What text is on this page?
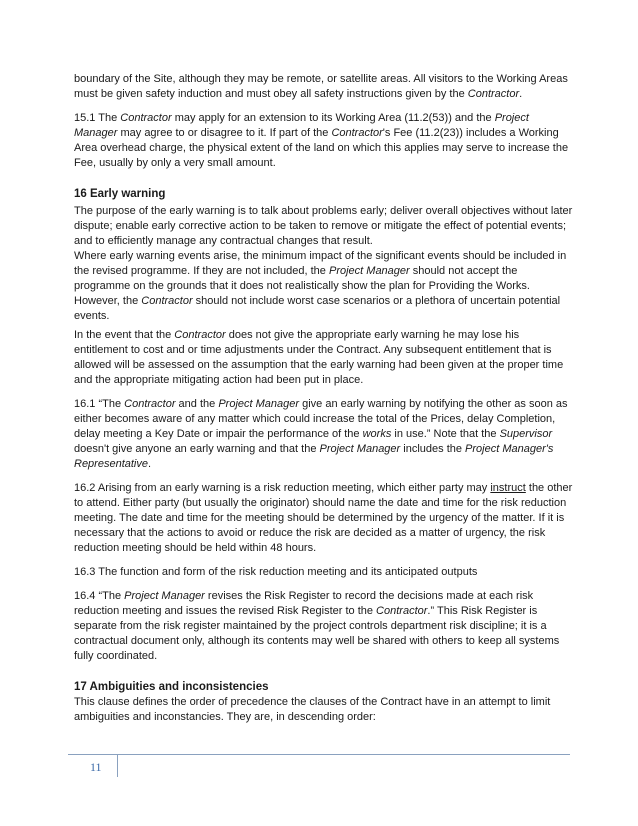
boundary of the Site, although they may be remote, or satellite areas. All visitors to the Working Areas must be given safety induction and must obey all safety instructions given by the Contractor.

15.1 The Contractor may apply for an extension to its Working Area (11.2(53)) and the Project Manager may agree to or disagree to it. If part of the Contractor's Fee (11.2(23)) includes a Working Area overhead charge, the physical extent of the land on which this applies may serve to increase the Fee, usually by only a very small amount.

16 Early warning

The purpose of the early warning is to talk about problems early; deliver overall objectives without later dispute; enable early corrective action to be taken to remove or mitigate the effect of potential events; and to efficiently manage any contractual changes that result.

Where early warning events arise, the minimum impact of the significant events should be included in the revised programme. If they are not included, the Project Manager should not accept the programme on the grounds that it does not realistically show the plan for Providing the Works. However, the Contractor should not include worst case scenarios or a plethora of uncertain potential events.

In the event that the Contractor does not give the appropriate early warning he may lose his entitlement to cost and or time adjustments under the Contract. Any subsequent entitlement that is allowed will be assessed on the assumption that the early warning had been given at the proper time and the appropriate mitigating action had been put in place.

16.1 “The Contractor and the Project Manager give an early warning by notifying the other as soon as either becomes aware of any matter which could increase the total of the Prices, delay Completion, delay meeting a Key Date or impair the performance of the works in use.” Note that the Supervisor doesn't give anyone an early warning and that the Project Manager includes the Project Manager's Representative.

16.2 Arising from an early warning is a risk reduction meeting, which either party may instruct the other to attend. Either party (but usually the originator) should name the date and time for the risk reduction meeting. The date and time for the meeting should be determined by the urgency of the matter. If it is necessary that the actions to avoid or reduce the risk are decided as a matter of urgency, the risk reduction meeting should be held within 48 hours.

16.3 The function and form of the risk reduction meeting and its anticipated outputs

16.4 “The Project Manager revises the Risk Register to record the decisions made at each risk reduction meeting and issues the revised Risk Register to the Contractor.” This Risk Register is separate from the risk register maintained by the project controls department risk discipline; it is a contractual document only, although its contents may well be shared with others to keep all systems fully coordinated.

17 Ambiguities and inconsistencies

This clause defines the order of precedence the clauses of the Contract have in an attempt to limit ambiguities and inconstancies. They are, in descending order:

11
